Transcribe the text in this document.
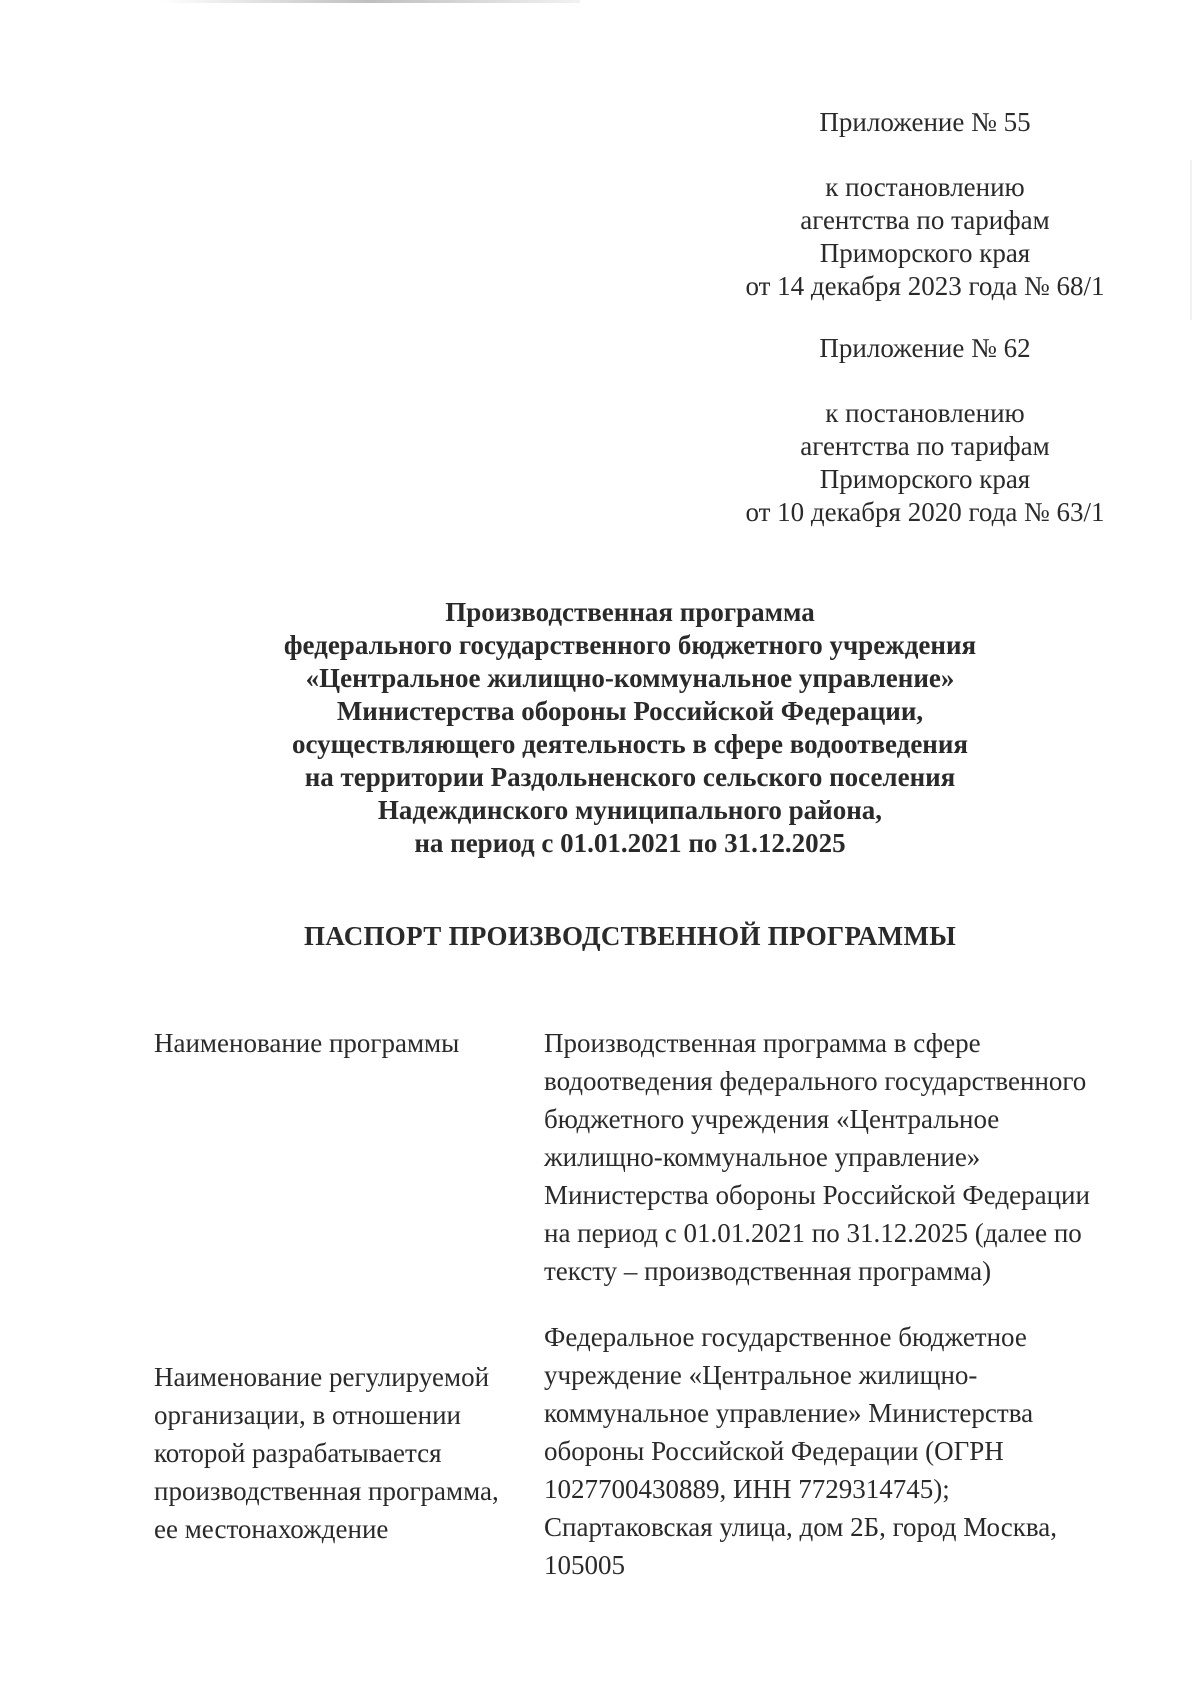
Приложение № 55
к постановлению
агентства по тарифам
Приморского края
от 14 декабря 2023 года № 68/1
Приложение № 62
к постановлению
агентства по тарифам
Приморского края
от 10 декабря 2020 года № 63/1
Производственная программа
федерального государственного бюджетного учреждения
«Центральное жилищно-коммунальное управление»
Министерства обороны Российской Федерации,
осуществляющего деятельность в сфере водоотведения
на территории Раздольненского сельского поселения
Надеждинского муниципального района,
на период с 01.01.2021 по 31.12.2025
ПАСПОРТ ПРОИЗВОДСТВЕННОЙ ПРОГРАММЫ
Наименование программы	Производственная программа в сфере
водоотведения федерального государственного
бюджетного учреждения «Центральное
жилищно-коммунальное управление»
Министерства обороны Российской Федерации
на период с 01.01.2021 по 31.12.2025 (далее по
тексту – производственная программа)
Наименование регулируемой
организации, в отношении
которой разрабатывается
производственная программа,
ее местонахождение
Федеральное государственное бюджетное
учреждение «Центральное жилищно-
коммунальное управление» Министерства
обороны Российской Федерации (ОГРН
1027700430889, ИНН 7729314745);
Спартаковская улица, дом 2Б, город Москва,
105005
